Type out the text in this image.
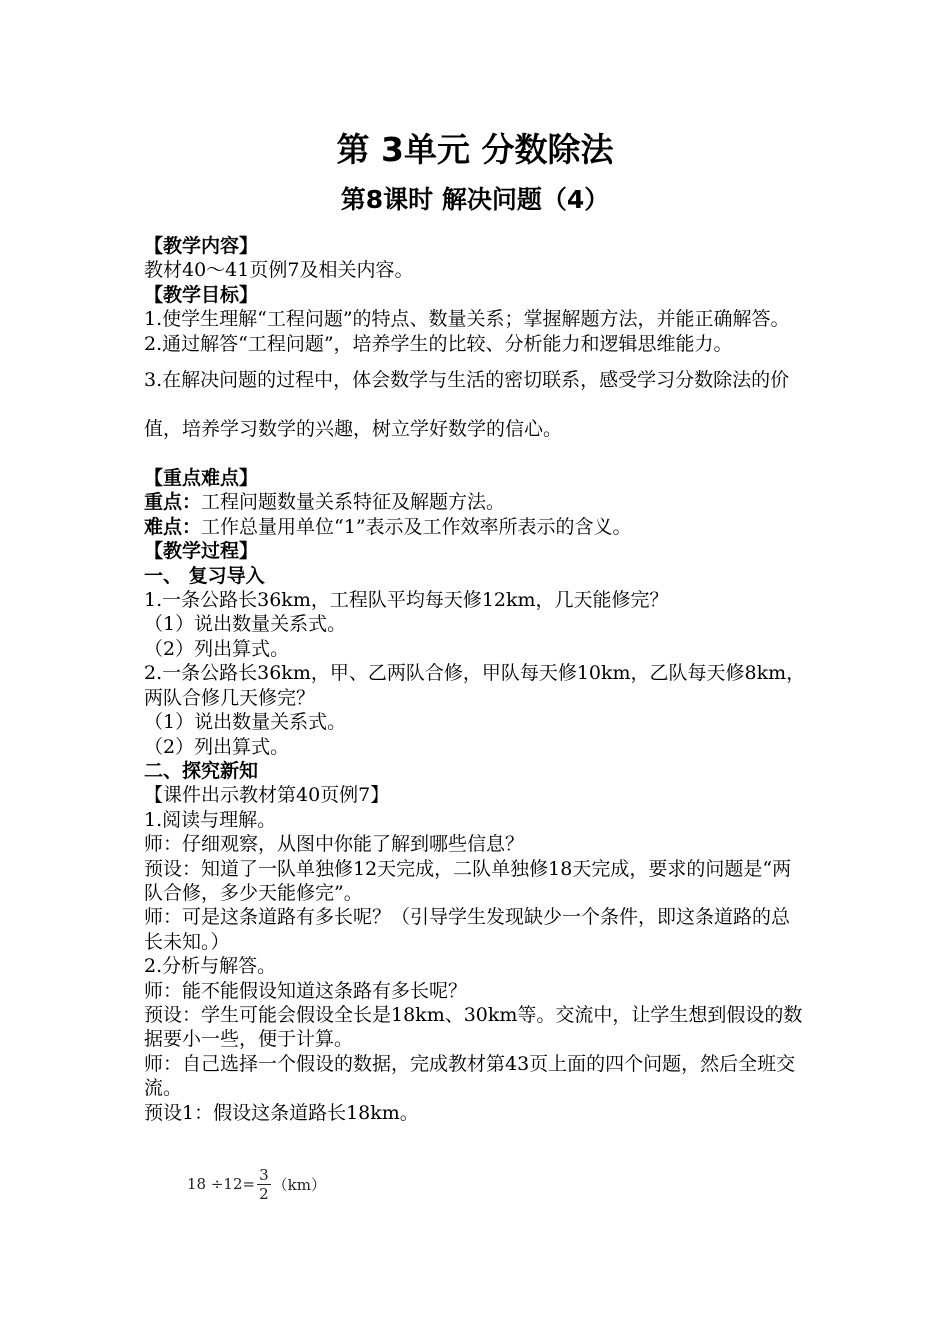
第 3单元 分数除法
第8课时 解决问题（4）

【教学内容】

教材40～41页例7及相关内容。

【教学目标】

1.使学生理解“工程问题”的特点、数量关系；掌握解题方法，并能正确解答。

2.通过解答“工程问题”，培养学生的比较、分析能力和逻辑思维能力。

3.在解决问题的过程中，体会数学与生活的密切联系，感受学习分数除法的价值，培养学习数学的兴趣，树立学好数学的信心。

【重点难点】

重点：工程问题数量关系特征及解题方法。

难点：工作总量用单位“1”表示及工作效率所表示的含义。

【教学过程】

一、 复习导入

1.一条公路长36km，工程队平均每天修12km，几天能修完？

（1）说出数量关系式。

（2）列出算式。

2.一条公路长36km，甲、乙两队合修，甲队每天修10km，乙队每天修8km，两队合修几天修完？

（1）说出数量关系式。

（2）列出算式。

二、探究新知

【课件出示教材第40页例7】

1.阅读与理解。

师：仔细观察，从图中你能了解到哪些信息？

预设：知道了一队单独修12天完成，二队单独修18天完成，要求的问题是“两队合修，多少天能修完”。

师：可是这条道路有多长呢？（引导学生发现缺少一个条件，即这条道路的总长未知。）

2.分析与解答。

师：能不能假设知道这条路有多长呢？

预设：学生可能会假设全长是18km、30km等。交流中，让学生想到假设的数据要小一些，便于计算。

师：自己选择一个假设的数据，完成教材第43页上面的四个问题，然后全班交流。

预设1：假设这条道路长18km。

$18 \div 12= \frac{3}{2} (km)$
